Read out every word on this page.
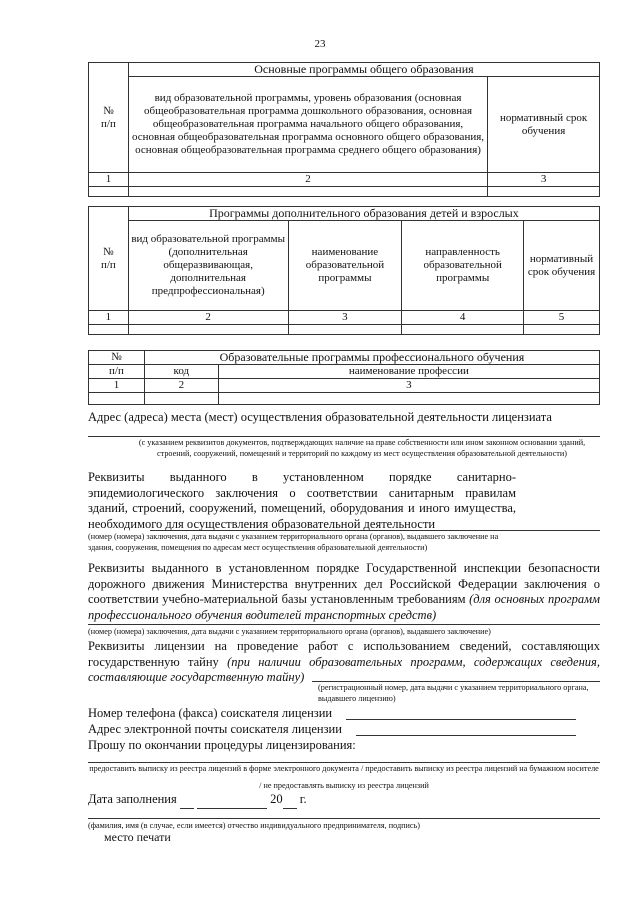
23
№
п/п	Основные программы общего образования	
	вид образовательной программы, уровень образования (основная общеобразовательная программа дошкольного образования, основная общеобразовательная программа начального общего образования, основная общеобразовательная программа основного общего образования, основная общеобразовательная программа среднего общего образования)	нормативный срок обучения
1	2	3

№
п/п	Программы дополнительного образования детей и взрослых			
	вид образовательной программы (дополнительная общеразвивающая, дополнительная предпрофессиональная)	наименование образовательной программы	направленность образовательной программы	нормативный срок обучения
1	2	3	4	5

№	Образовательные программы профессионального обучения	
п/п	код	наименование профессии
1	2	3

Адрес (адреса) места (мест) осуществления образовательной деятельности лицензиата
(с указанием реквизитов документов, подтверждающих наличие на праве собственности или ином законном основании зданий, строений, сооружений, помещений и территорий по каждому из мест осуществления образовательной деятельности)
Реквизиты выданного в установленном порядке санитарно-эпидемиологического заключения о соответствии санитарным правилам зданий, строений, сооружений, помещений, оборудования и иного имущества, необходимого для осуществления образовательной деятельности
(номер (номера) заключения, дата выдачи с указанием территориального органа (органов), выдавшего заключение на здания, сооружения, помещения по адресам мест осуществления образовательной деятельности)
Реквизиты выданного в установленном порядке Государственной инспекции безопасности дорожного движения Министерства внутренних дел Российской Федерации заключения о соответствии учебно-материальной базы установленным требованиям (для основных программ профессионального обучения водителей транспортных средств)
(номер (номера) заключения, дата выдачи с указанием территориального органа (органов), выдавшего заключение)
Реквизиты лицензии на проведение работ с использованием сведений, составляющих государственную тайну (при наличии образовательных программ, содержащих сведения, составляющие государственную тайну)
(регистрационный номер, дата выдачи с указанием территориального органа, выдавшего лицензию)
Номер телефона (факса) соискателя лицензии
Адрес электронной почты соискателя лицензии
Прошу по окончании процедуры лицензирования:
предоставить выписку из реестра лицензий в форме электронного документа / предоставить выписку из реестра лицензий на бумажном носителе / не предоставлять выписку из реестра лицензий
Дата заполнения	20  г.
(фамилия, имя (в случае, если имеется) отчество индивидуального предпринимателя, подпись)
место печати
